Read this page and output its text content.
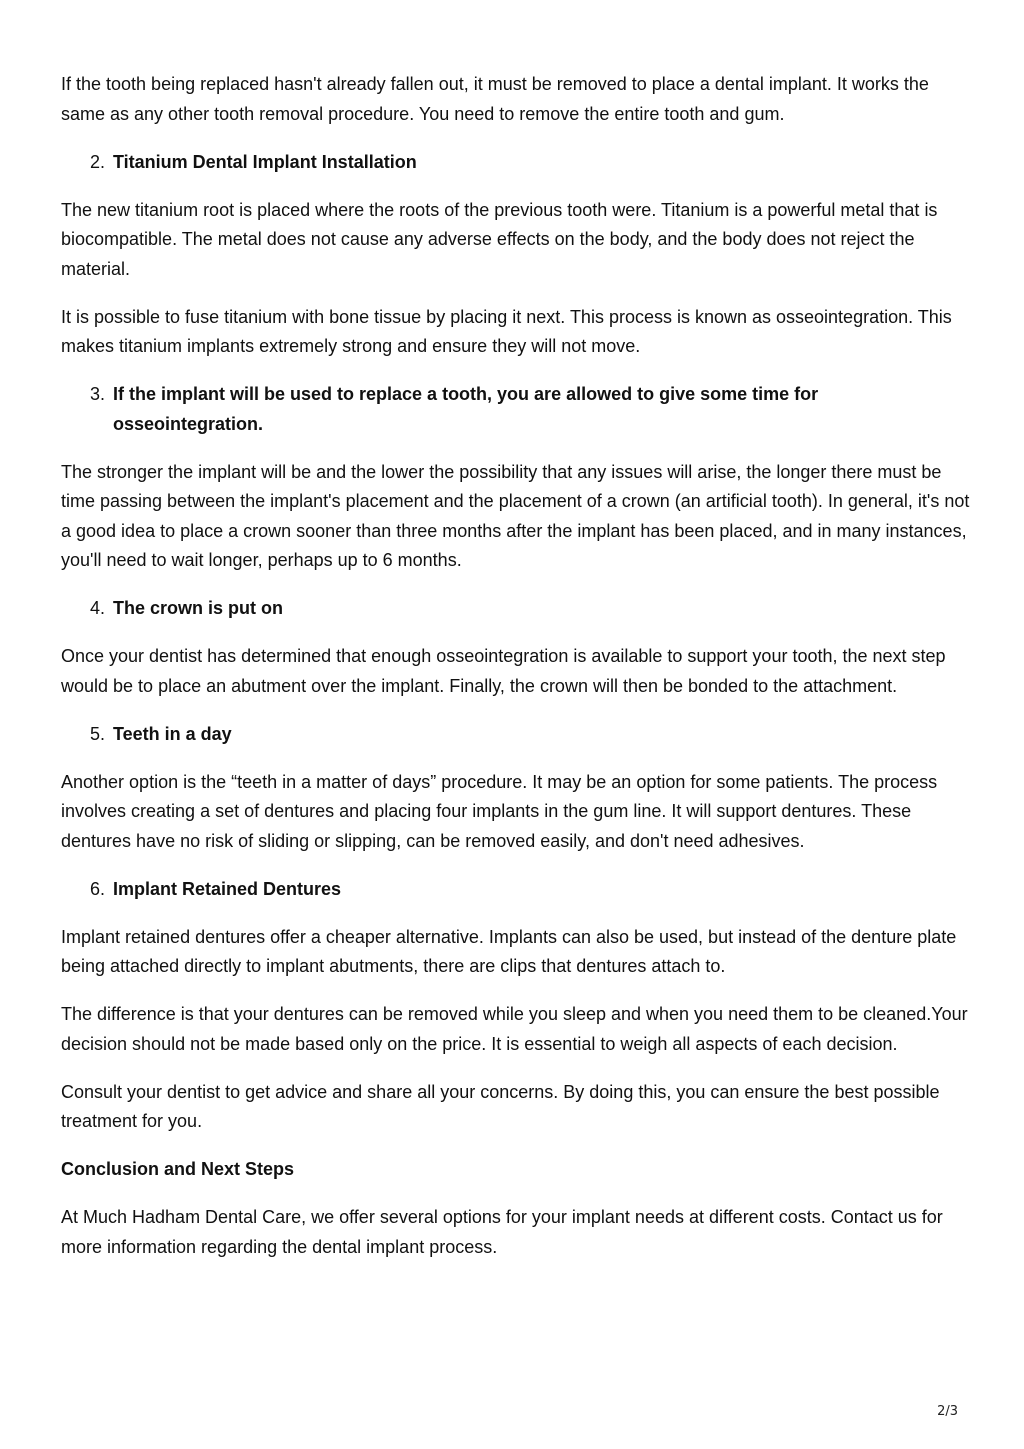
If the tooth being replaced hasn't already fallen out, it must be removed to place a dental implant. It works the same as any other tooth removal procedure. You need to remove the entire tooth and gum.

2. Titanium Dental Implant Installation

The new titanium root is placed where the roots of the previous tooth were. Titanium is a powerful metal that is biocompatible. The metal does not cause any adverse effects on the body, and the body does not reject the material.

It is possible to fuse titanium with bone tissue by placing it next. This process is known as osseointegration. This makes titanium implants extremely strong and ensure they will not move.

3. If the implant will be used to replace a tooth, you are allowed to give some time for osseointegration.

The stronger the implant will be and the lower the possibility that any issues will arise, the longer there must be time passing between the implant's placement and the placement of a crown (an artificial tooth). In general, it's not a good idea to place a crown sooner than three months after the implant has been placed, and in many instances, you'll need to wait longer, perhaps up to 6 months.

4. The crown is put on

Once your dentist has determined that enough osseointegration is available to support your tooth, the next step would be to place an abutment over the implant. Finally, the crown will then be bonded to the attachment.

5. Teeth in a day

Another option is the “teeth in a matter of days” procedure. It may be an option for some patients. The process involves creating a set of dentures and placing four implants in the gum line. It will support dentures. These dentures have no risk of sliding or slipping, can be removed easily, and don't need adhesives.

6. Implant Retained Dentures

Implant retained dentures offer a cheaper alternative. Implants can also be used, but instead of the denture plate being attached directly to implant abutments, there are clips that dentures attach to.

The difference is that your dentures can be removed while you sleep and when you need them to be cleaned.Your decision should not be made based only on the price. It is essential to weigh all aspects of each decision.

Consult your dentist to get advice and share all your concerns. By doing this, you can ensure the best possible treatment for you.

Conclusion and Next Steps

At Much Hadham Dental Care, we offer several options for your implant needs at different costs. Contact us for more information regarding the dental implant process.

2/3
